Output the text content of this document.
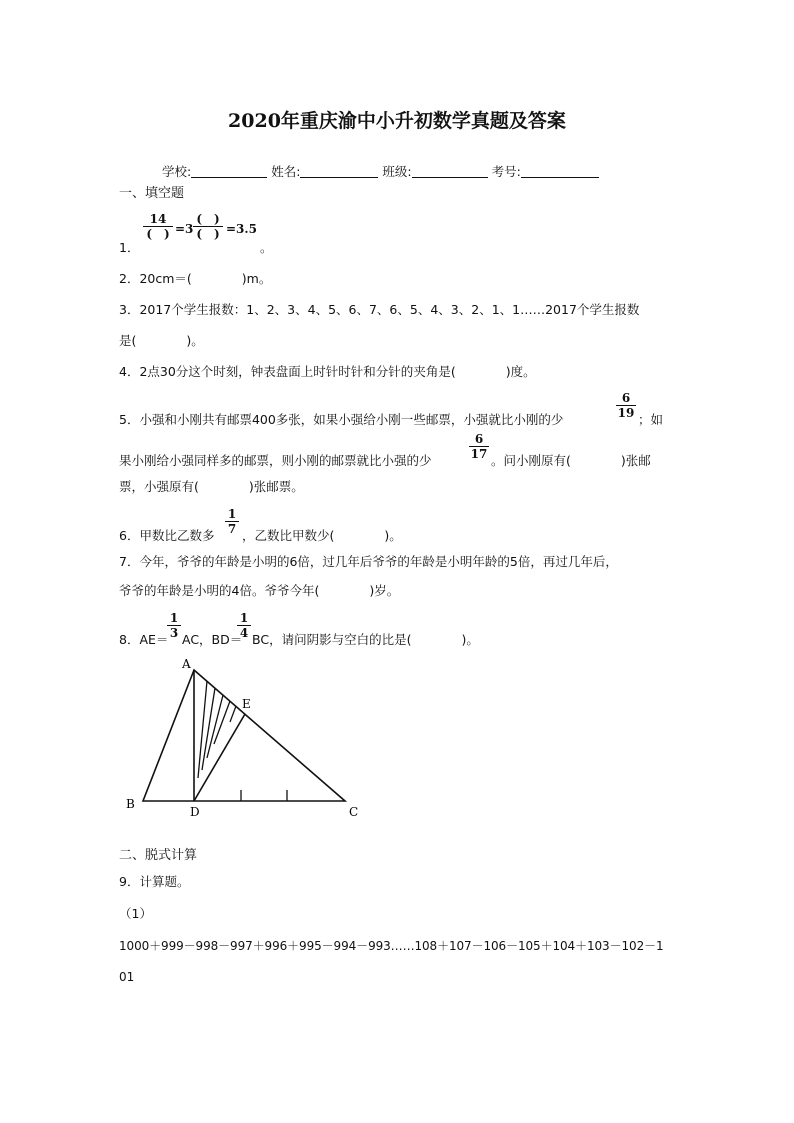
2020年重庆渝中小升初数学真题及答案
学校:	姓名:	班级:	考号:
一、填空题
1．
14
(　) =3
(　)
(　) =3.5
。
2．20cm＝(　　　　)m。
3．2017个学生报数：1、2、3、4、5、6、7、6、5、4、3、2、1、1……2017个学生报数
是(　　　　)。
4．2点30分这个时刻，钟表盘面上时针时针和分针的夹角是(　　　　)度。
5．小强和小刚共有邮票400多张，如果小强给小刚一些邮票，小强就比小刚的少
6
19 ；如
果小刚给小强同样多的邮票，则小刚的邮票就比小强的少
6
17 。问小刚原有(　　　　)张邮
票，小强原有(　　　　)张邮票。
6．甲数比乙数多
1
7 ，乙数比甲数少(　　　　)。
7．今年，爷爷的年龄是小明的6倍，过几年后爷爷的年龄是小明年龄的5倍，再过几年后，
爷爷的年龄是小明的4倍。爷爷今年(　　　　)岁。
8．AE＝
1
3 AC，BD＝
1
4 BC，请问阴影与空白的比是(　　　　)。
A
B
C
D
E
二、脱式计算
9．计算题。
（1）
1000＋999－998－997＋996＋995－994－993……108＋107－106－105＋104＋103－102－1
01
